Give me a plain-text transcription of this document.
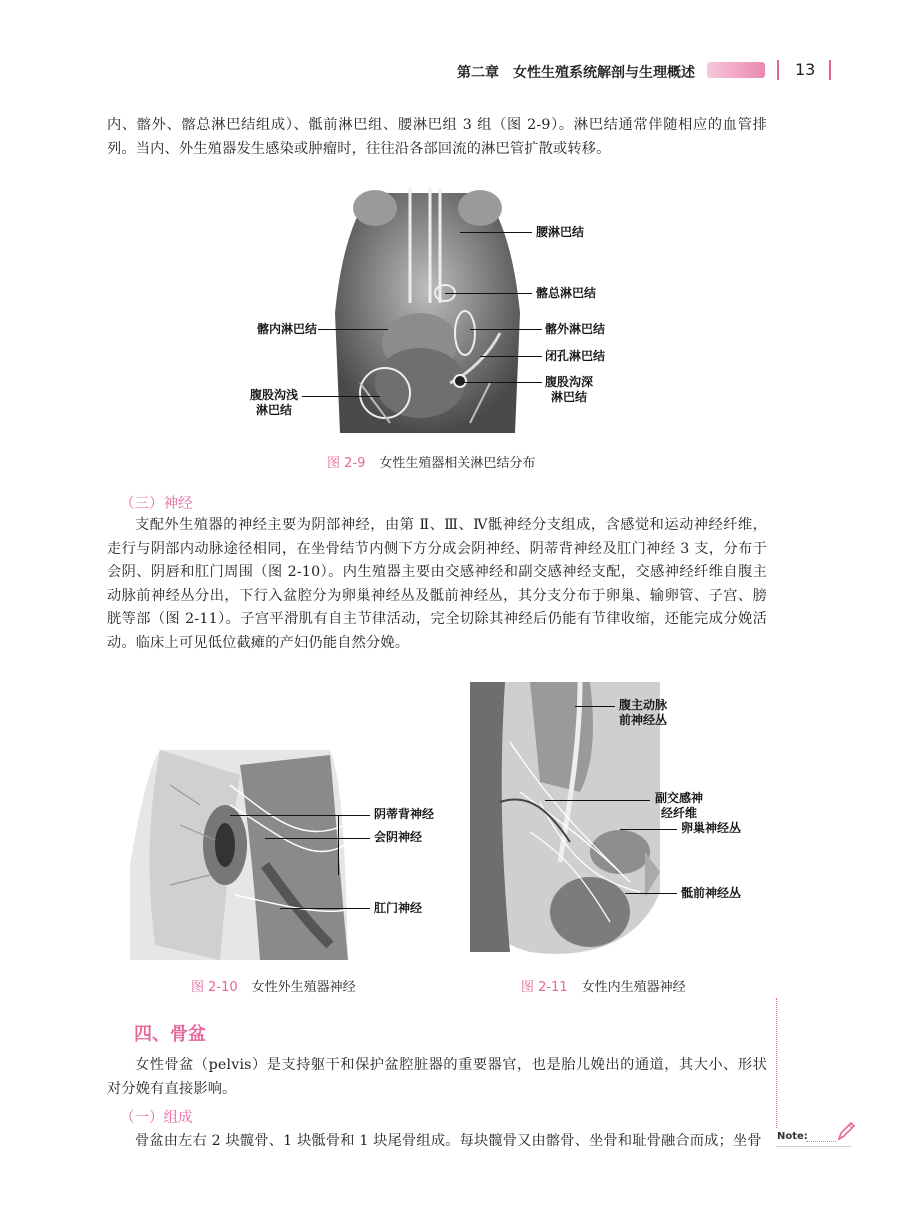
第二章　女性生殖系统解剖与生理概述	13
内、髂外、髂总淋巴结组成）、骶前淋巴组、腰淋巴组 3 组（图 2-9）。淋巴结通常伴随相应的血管排列。当内、外生殖器发生感染或肿瘤时，往往沿各部回流的淋巴管扩散或转移。
腰淋巴结
髂总淋巴结
髂内淋巴结	髂外淋巴结
闭孔淋巴结
腹股沟浅
淋巴结
腹股沟深
淋巴结
图 2-9 女性生殖器相关淋巴结分布
（三）神经
支配外生殖器的神经主要为阴部神经，由第 Ⅱ、Ⅲ、Ⅳ骶神经分支组成，含感觉和运动神经纤维，走行与阴部内动脉途径相同，在坐骨结节内侧下方分成会阴神经、阴蒂背神经及肛门神经 3 支，分布于会阴、阴唇和肛门周围（图 2-10）。内生殖器主要由交感神经和副交感神经支配，交感神经纤维自腹主动脉前神经丛分出，下行入盆腔分为卵巢神经丛及骶前神经丛，其分支分布于卵巢、输卵管、子宫、膀胱等部（图 2-11）。子宫平滑肌有自主节律活动，完全切除其神经后仍能有节律收缩，还能完成分娩活动。临床上可见低位截瘫的产妇仍能自然分娩。
阴蒂背神经
会阴神经
肛门神经
图 2-10 女性外生殖器神经
腹主动脉
前神经丛
副交感神
经纤维
卵巢神经丛
骶前神经丛
图 2-11 女性内生殖器神经
四、骨盆
女性骨盆（pelvis）是支持躯干和保护盆腔脏器的重要器官，也是胎儿娩出的通道，其大小、形状对分娩有直接影响。
（一）组成
骨盆由左右 2 块髋骨、1 块骶骨和 1 块尾骨组成。每块髋骨又由髂骨、坐骨和耻骨融合而成；坐骨	Note:
